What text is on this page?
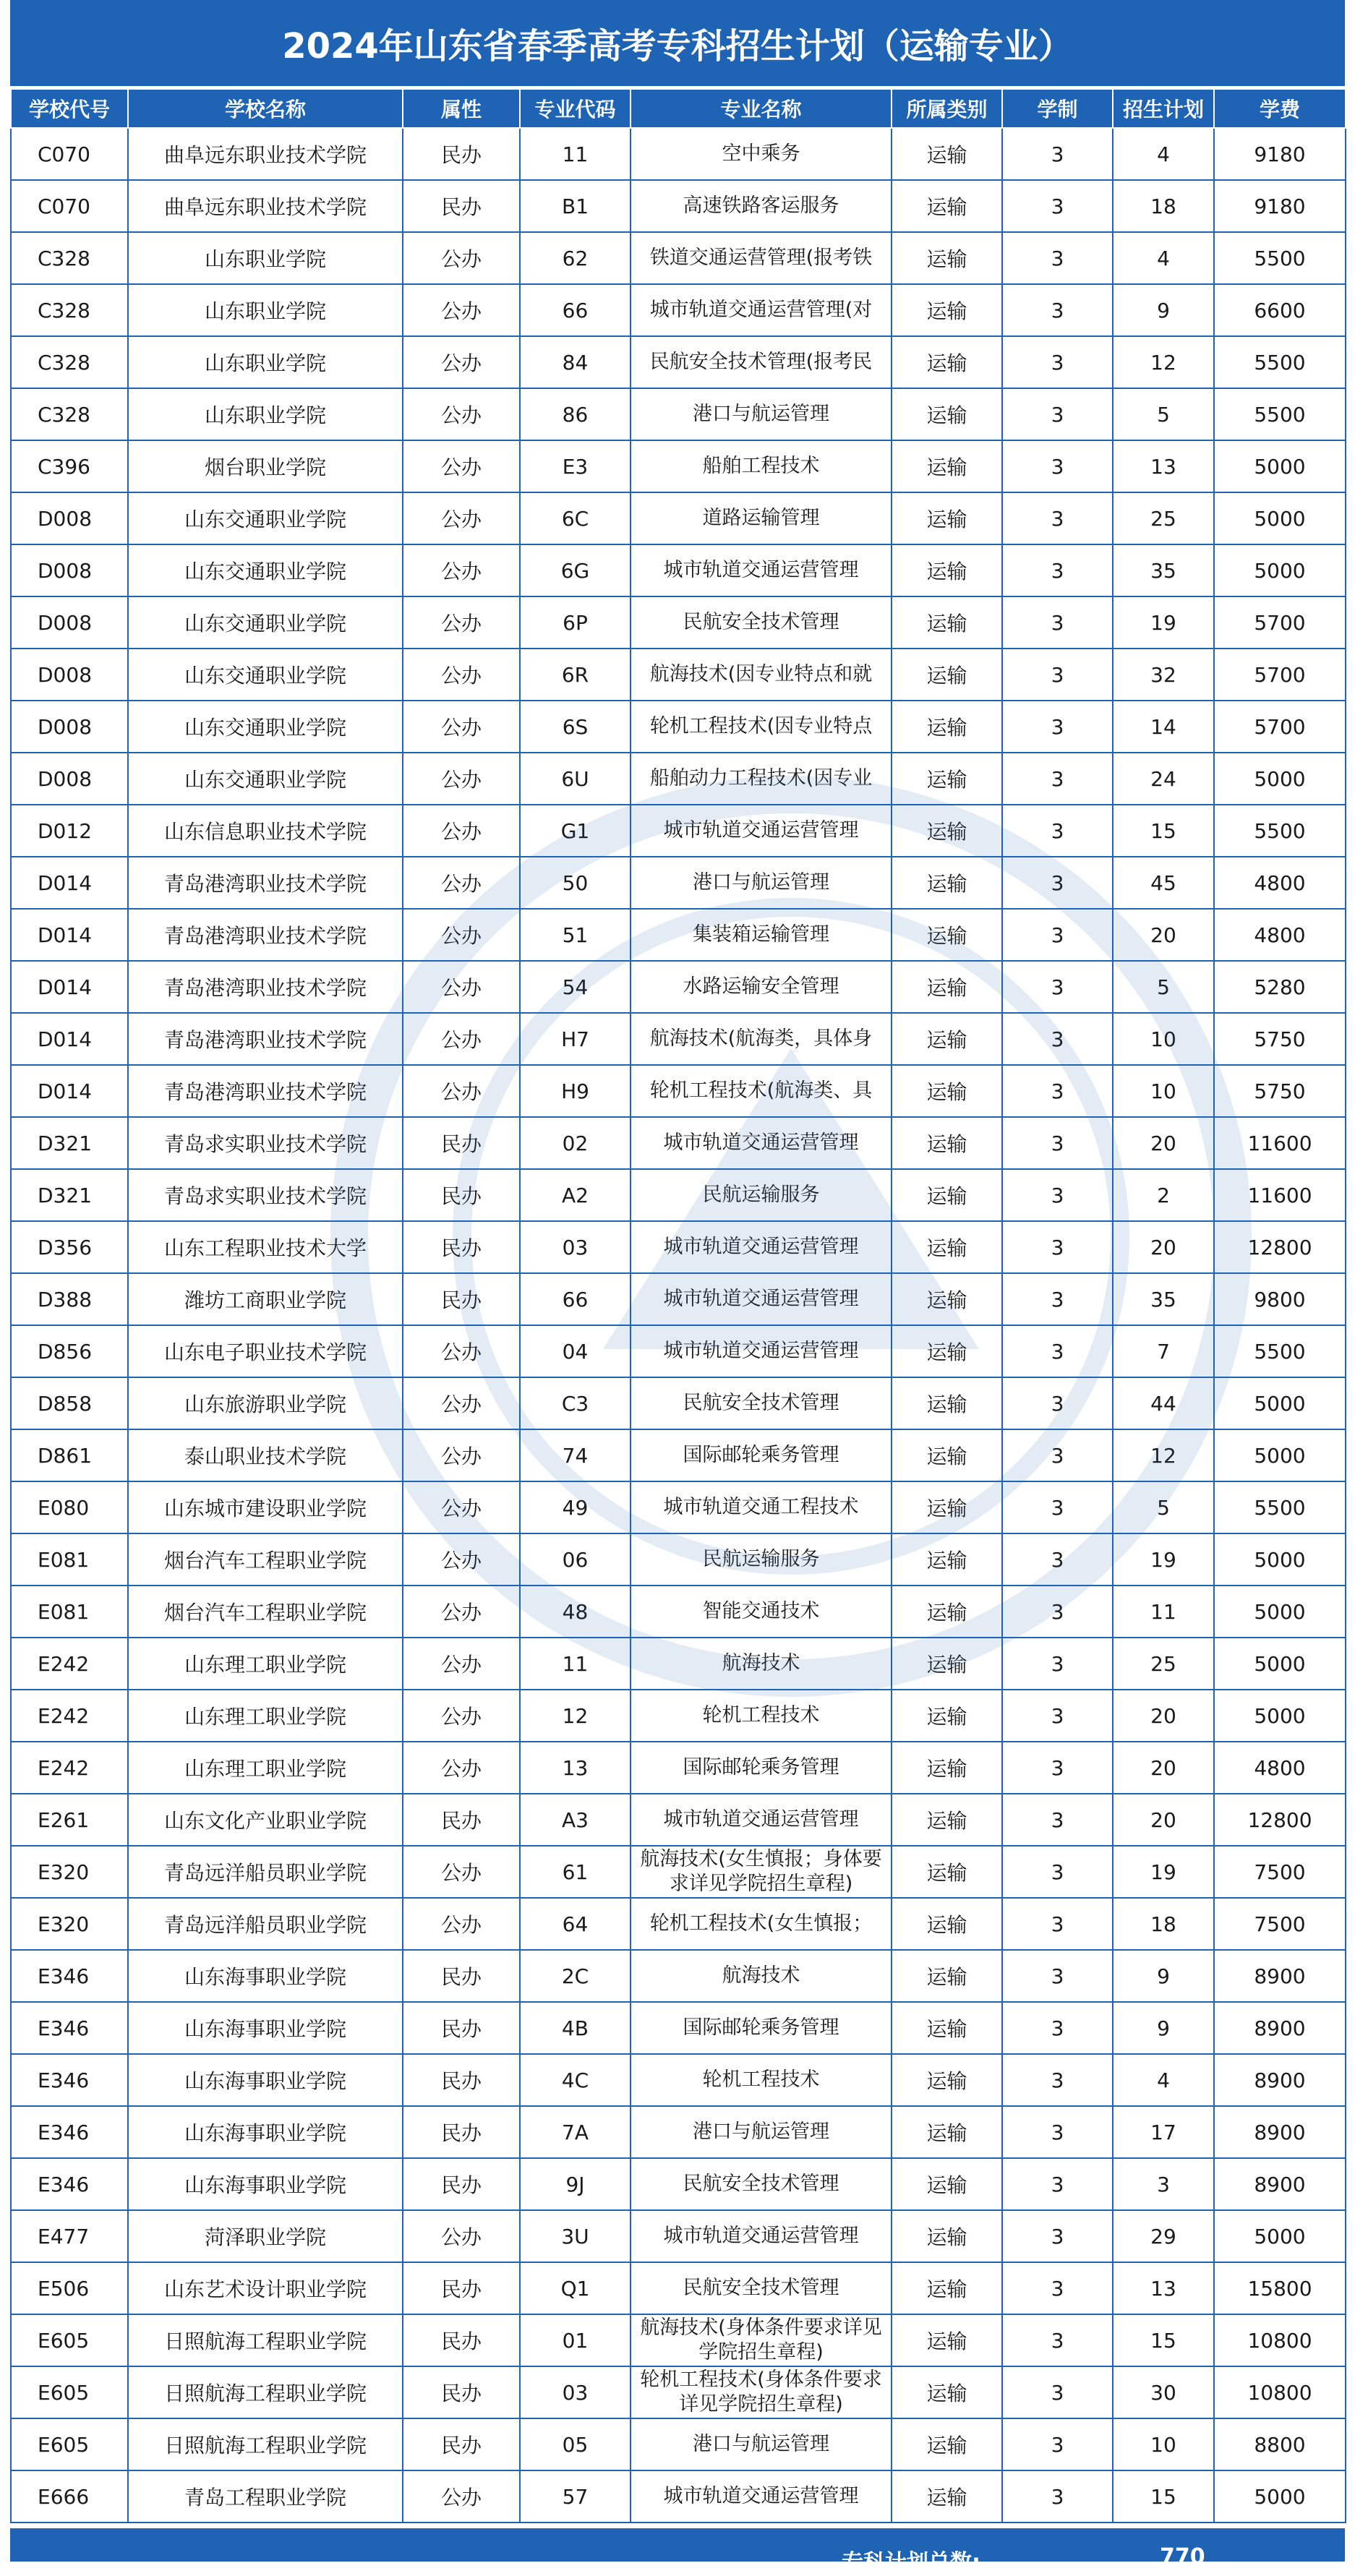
2024年山东省春季高考专科招生计划（运输专业）
学校代号	学校名称	属性	专业代码	专业名称	所属类别	学制	招生计划	学费
C070	曲阜远东职业技术学院	民办	11	空中乘务	运输	3	4	9180
C070	曲阜远东职业技术学院	民办	B1	高速铁路客运服务	运输	3	18	9180
C328	山东职业学院	公办	62	铁道交通运营管理(报考铁	运输	3	4	5500
C328	山东职业学院	公办	66	城市轨道交通运营管理(对	运输	3	9	6600
C328	山东职业学院	公办	84	民航安全技术管理(报考民	运输	3	12	5500
C328	山东职业学院	公办	86	港口与航运管理	运输	3	5	5500
C396	烟台职业学院	公办	E3	船舶工程技术	运输	3	13	5000
D008	山东交通职业学院	公办	6C	道路运输管理	运输	3	25	5000
D008	山东交通职业学院	公办	6G	城市轨道交通运营管理	运输	3	35	5000
D008	山东交通职业学院	公办	6P	民航安全技术管理	运输	3	19	5700
D008	山东交通职业学院	公办	6R	航海技术(因专业特点和就	运输	3	32	5700
D008	山东交通职业学院	公办	6S	轮机工程技术(因专业特点	运输	3	14	5700
D008	山东交通职业学院	公办	6U	船舶动力工程技术(因专业	运输	3	24	5000
D012	山东信息职业技术学院	公办	G1	城市轨道交通运营管理	运输	3	15	5500
D014	青岛港湾职业技术学院	公办	50	港口与航运管理	运输	3	45	4800
D014	青岛港湾职业技术学院	公办	51	集装箱运输管理	运输	3	20	4800
D014	青岛港湾职业技术学院	公办	54	水路运输安全管理	运输	3	5	5280
D014	青岛港湾职业技术学院	公办	H7	航海技术(航海类，具体身	运输	3	10	5750
D014	青岛港湾职业技术学院	公办	H9	轮机工程技术(航海类、具	运输	3	10	5750
D321	青岛求实职业技术学院	民办	02	城市轨道交通运营管理	运输	3	20	11600
D321	青岛求实职业技术学院	民办	A2	民航运输服务	运输	3	2	11600
D356	山东工程职业技术大学	民办	03	城市轨道交通运营管理	运输	3	20	12800
D388	潍坊工商职业学院	民办	66	城市轨道交通运营管理	运输	3	35	9800
D856	山东电子职业技术学院	公办	04	城市轨道交通运营管理	运输	3	7	5500
D858	山东旅游职业学院	公办	C3	民航安全技术管理	运输	3	44	5000
D861	泰山职业技术学院	公办	74	国际邮轮乘务管理	运输	3	12	5000
E080	山东城市建设职业学院	公办	49	城市轨道交通工程技术	运输	3	5	5500
E081	烟台汽车工程职业学院	公办	06	民航运输服务	运输	3	19	5000
E081	烟台汽车工程职业学院	公办	48	智能交通技术	运输	3	11	5000
E242	山东理工职业学院	公办	11	航海技术	运输	3	25	5000
E242	山东理工职业学院	公办	12	轮机工程技术	运输	3	20	5000
E242	山东理工职业学院	公办	13	国际邮轮乘务管理	运输	3	20	4800
E261	山东文化产业职业学院	民办	A3	城市轨道交通运营管理	运输	3	20	12800
E320	青岛远洋船员职业学院	公办	61	航海技术(女生慎报；身体要求详见学院招生章程)	运输	3	19	7500
E320	青岛远洋船员职业学院	公办	64	轮机工程技术(女生慎报；	运输	3	18	7500
E346	山东海事职业学院	民办	2C	航海技术	运输	3	9	8900
E346	山东海事职业学院	民办	4B	国际邮轮乘务管理	运输	3	9	8900
E346	山东海事职业学院	民办	4C	轮机工程技术	运输	3	4	8900
E346	山东海事职业学院	民办	7A	港口与航运管理	运输	3	17	8900
E346	山东海事职业学院	民办	9J	民航安全技术管理	运输	3	3	8900
E477	菏泽职业学院	公办	3U	城市轨道交通运营管理	运输	3	29	5000
E506	山东艺术设计职业学院	民办	Q1	民航安全技术管理	运输	3	13	15800
E605	日照航海工程职业学院	民办	01	航海技术(身体条件要求详见学院招生章程)	运输	3	15	10800
E605	日照航海工程职业学院	民办	03	轮机工程技术(身体条件要求详见学院招生章程)	运输	3	30	10800
E605	日照航海工程职业学院	民办	05	港口与航运管理	运输	3	10	8800
E666	青岛工程职业学院	公办	57	城市轨道交通运营管理	运输	3	15	5000
专科计划总数:	770
